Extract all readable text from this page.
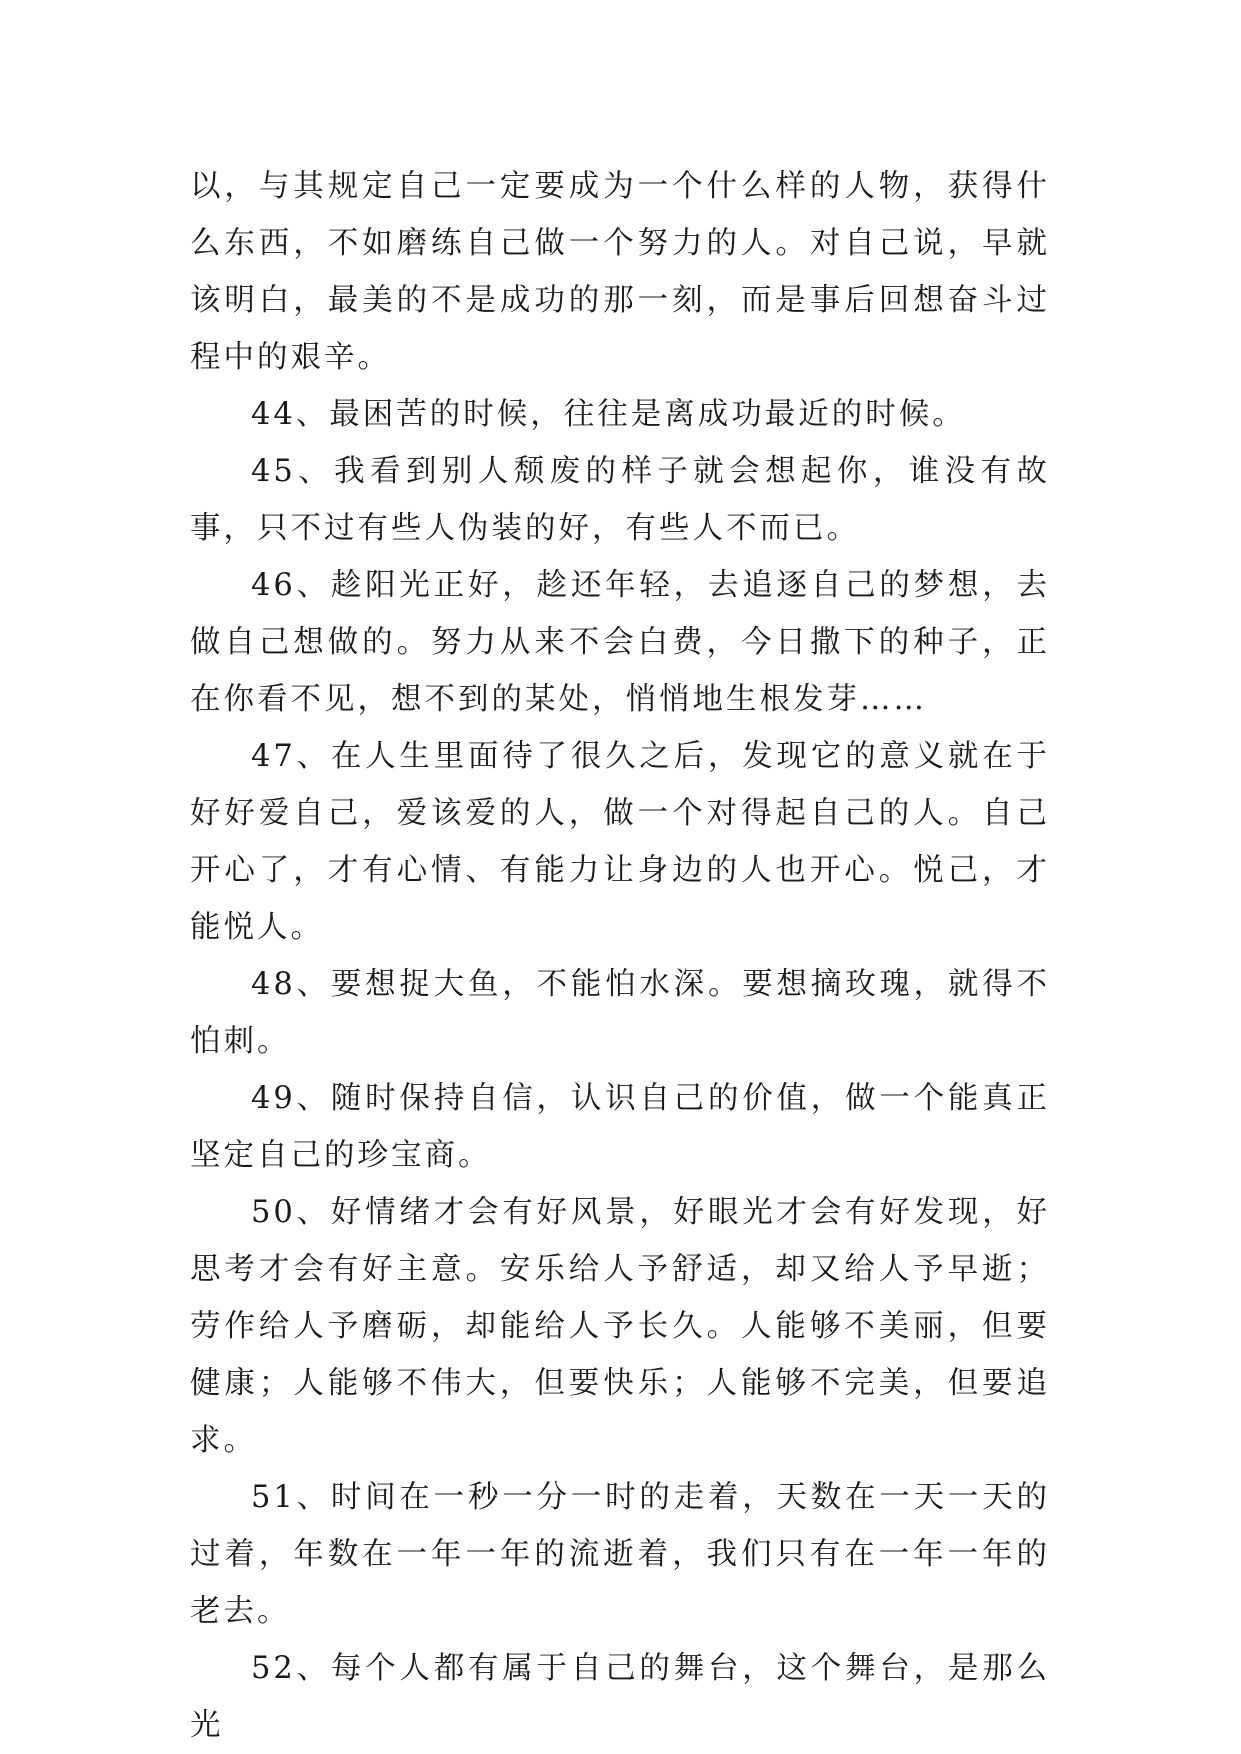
以，与其规定自己一定要成为一个什么样的人物，获得什么东西，不如磨练自己做一个努力的人。对自己说，早就该明白，最美的不是成功的那一刻，而是事后回想奋斗过程中的艰辛。

44、最困苦的时候，往往是离成功最近的时候。

45、我看到别人颓废的样子就会想起你，谁没有故事，只不过有些人伪装的好，有些人不而已。

46、趁阳光正好，趁还年轻，去追逐自己的梦想，去做自己想做的。努力从来不会白费，今日撒下的种子，正在你看不见，想不到的某处，悄悄地生根发芽……

47、在人生里面待了很久之后，发现它的意义就在于好好爱自己，爱该爱的人，做一个对得起自己的人。自己开心了，才有心情、有能力让身边的人也开心。悦己，才能悦人。

48、要想捉大鱼，不能怕水深。要想摘玫瑰，就得不怕刺。

49、随时保持自信，认识自己的价值，做一个能真正坚定自己的珍宝商。

50、好情绪才会有好风景，好眼光才会有好发现，好思考才会有好主意。安乐给人予舒适，却又给人予早逝；劳作给人予磨砺，却能给人予长久。人能够不美丽，但要健康；人能够不伟大，但要快乐；人能够不完美，但要追求。

51、时间在一秒一分一时的走着，天数在一天一天的过着，年数在一年一年的流逝着，我们只有在一年一年的老去。

52、每个人都有属于自己的舞台，这个舞台，是那么光
